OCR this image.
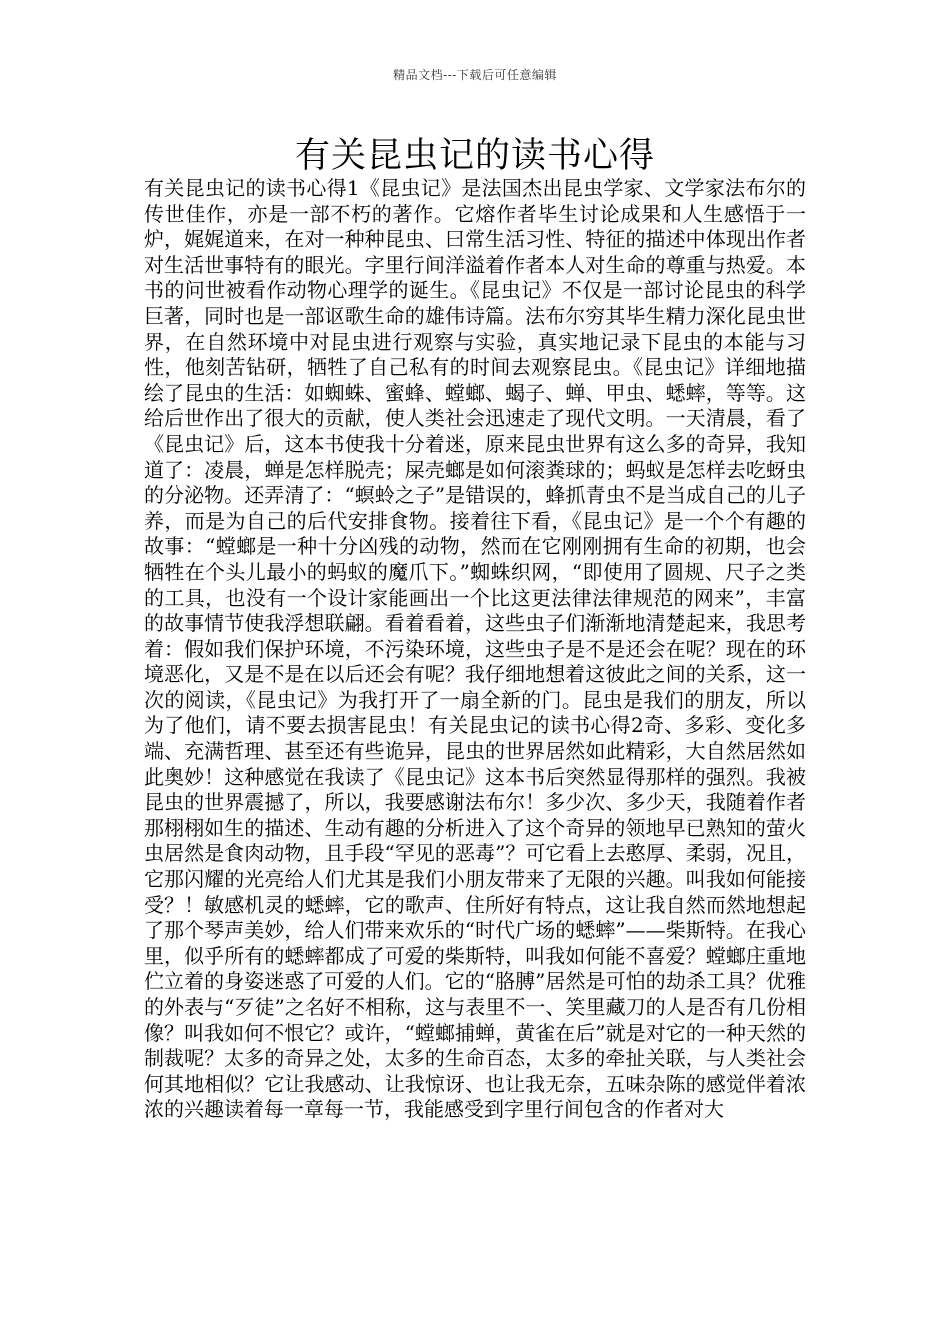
精品文档---下载后可任意编辑
有关昆虫记的读书心得

有关昆虫记的读书心得1《昆虫记》是法国杰出昆虫学家、文学家法布尔的传世佳作，亦是一部不朽的著作。它熔作者毕生讨论成果和人生感悟于一炉，娓娓道来，在对一种种昆虫、曰常生活习性、特征的描述中体现出作者对生活世事特有的眼光。字里行间洋溢着作者本人对生命的尊重与热爱。本书的问世被看作动物心理学的诞生。《昆虫记》不仅是一部讨论昆虫的科学巨著，同时也是一部讴歌生命的雄伟诗篇。法布尔穷其毕生精力深化昆虫世界，在自然环境中对昆虫进行观察与实验，真实地记录下昆虫的本能与习性，他刻苦钻研，牺牲了自己私有的时间去观察昆虫。《昆虫记》详细地描绘了昆虫的生活：如蜘蛛、蜜蜂、螳螂、蝎子、蝉、甲虫、蟋蟀，等等。这给后世作出了很大的贡献，使人类社会迅速走了现代文明。一天清晨，看了《昆虫记》后，这本书使我十分着迷，原来昆虫世界有这么多的奇异，我知道了：凌晨，蝉是怎样脱壳；屎壳螂是如何滚粪球的；蚂蚁是怎样去吃蚜虫的分泌物。还弄清了：“螟蛉之子”是错误的，蜂抓青虫不是当成自己的儿子养，而是为自己的后代安排食物。接着往下看，《昆虫记》是一个个有趣的故事：“螳螂是一种十分凶残的动物，然而在它刚刚拥有生命的初期，也会牺牲在个头儿最小的蚂蚁的魔爪下。”蜘蛛织网，“即使用了圆规、尺子之类的工具，也没有一个设计家能画出一个比这更法律法律规范的网来”，丰富的故事情节使我浮想联翩。看着看着，这些虫子们渐渐地清楚起来，我思考着：假如我们保护环境，不污染环境，这些虫子是不是还会在呢？现在的环境恶化，又是不是在以后还会有呢？我仔细地想着这彼此之间的关系，这一次的阅读，《昆虫记》为我打开了一扇全新的门。昆虫是我们的朋友，所以为了他们，请不要去损害昆虫！有关昆虫记的读书心得2奇、多彩、变化多端、充满哲理、甚至还有些诡异，昆虫的世界居然如此精彩，大自然居然如此奥妙！这种感觉在我读了《昆虫记》这本书后突然显得那样的强烈。我被昆虫的世界震撼了，所以，我要感谢法布尔！多少次、多少天，我随着作者那栩栩如生的描述、生动有趣的分析进入了这个奇异的领地早已熟知的萤火虫居然是食肉动物，且手段“罕见的恶毒”？可它看上去憨厚、柔弱，况且，它那闪耀的光亮给人们尤其是我们小朋友带来了无限的兴趣。叫我如何能接受？！敏感机灵的蟋蟀，它的歌声、住所好有特点，这让我自然而然地想起了那个琴声美妙，给人们带来欢乐的“时代广场的蟋蟀”——柴斯特。在我心里，似乎所有的蟋蟀都成了可爱的柴斯特，叫我如何能不喜爱？螳螂庄重地伫立着的身姿迷惑了可爱的人们。它的“胳膊”居然是可怕的劫杀工具？优雅的外表与“歹徒”之名好不相称，这与表里不一、笑里藏刀的人是否有几份相像？叫我如何不恨它？或许，“螳螂捕蝉，黄雀在后”就是对它的一种天然的制裁呢？太多的奇异之处，太多的生命百态，太多的牵扯关联，与人类社会何其地相似？它让我感动、让我惊讶、也让我无奈，五味杂陈的感觉伴着浓浓的兴趣读着每一章每一节，我能感受到字里行间包含的作者对大
